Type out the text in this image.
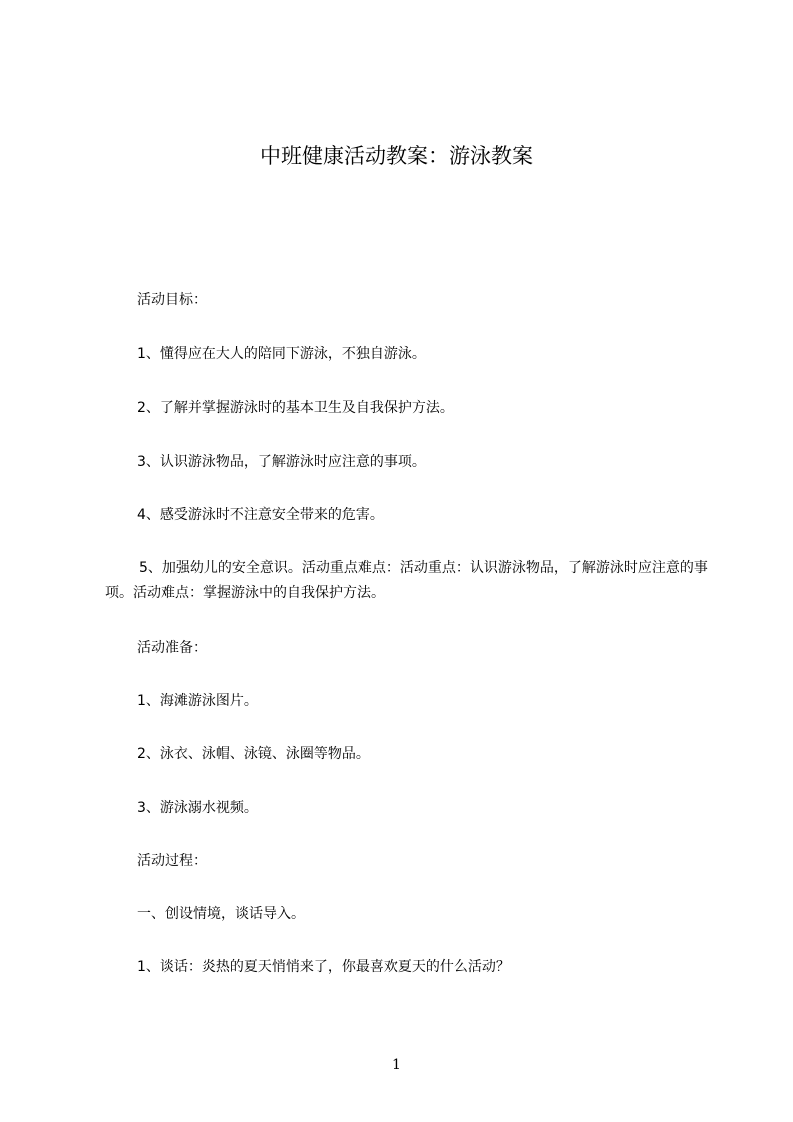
中班健康活动教案：游泳教案
活动目标：
1、懂得应在大人的陪同下游泳，不独自游泳。
2、了解并掌握游泳时的基本卫生及自我保护方法。
3、认识游泳物品，了解游泳时应注意的事项。
4、感受游泳时不注意安全带来的危害。
5、加强幼儿的安全意识。活动重点难点：活动重点：认识游泳物品，了解游泳时应注意的事项。活动难点：掌握游泳中的自我保护方法。
活动准备：
1、海滩游泳图片。
2、泳衣、泳帽、泳镜、泳圈等物品。
3、游泳溺水视频。
活动过程：
一、创设情境，谈话导入。
1、谈话：炎热的夏天悄悄来了，你最喜欢夏天的什么活动？
1
